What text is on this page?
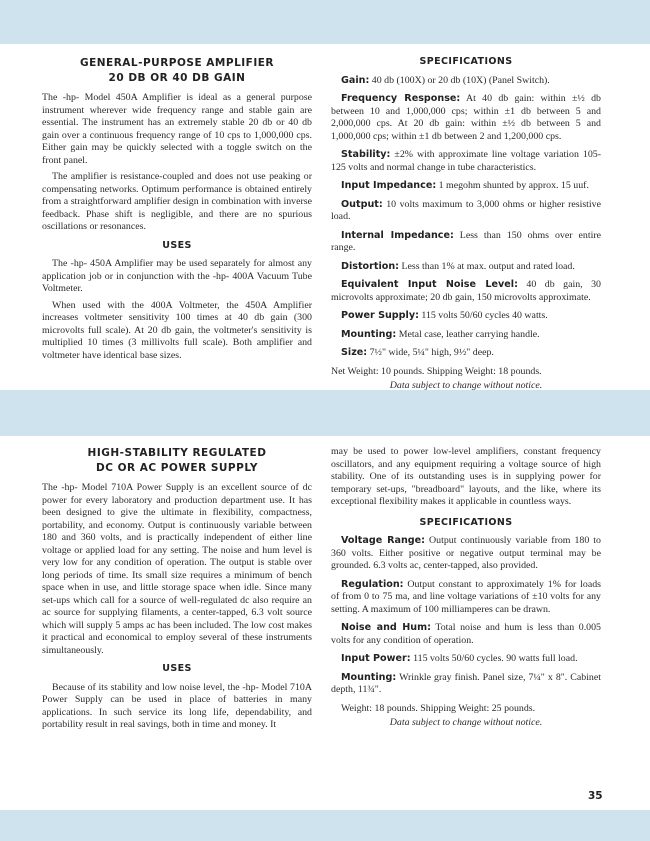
GENERAL-PURPOSE AMPLIFIER
20 DB OR 40 DB GAIN

The -hp- Model 450A Amplifier is ideal as a general purpose instrument wherever wide frequency range and stable gain are essential. The instrument has an extremely stable 20 db or 40 db gain over a continuous frequency range of 10 cps to 1,000,000 cps. Either gain may be quickly selected with a toggle switch on the front panel.

The amplifier is resistance-coupled and does not use peaking or compensating networks. Optimum performance is obtained entirely from a straightforward amplifier design in combination with inverse feedback. Phase shift is negligible, and there are no spurious oscillations or resonances.

USES

The -hp- 450A Amplifier may be used separately for almost any application job or in conjunction with the -hp- 400A Vacuum Tube Voltmeter.

When used with the 400A Voltmeter, the 450A Amplifier increases voltmeter sensitivity 100 times at 40 db gain (300 microvolts full scale). At 20 db gain, the voltmeter's sensitivity is multiplied 10 times (3 millivolts full scale). Both amplifier and voltmeter have identical base sizes.

SPECIFICATIONS
Gain: 40 db (100X) or 20 db (10X) (Panel Switch).
Frequency Response: At 40 db gain: within ±½ db between 10 and 1,000,000 cps; within ±1 db between 5 and 2,000,000 cps. At 20 db gain: within ±½ db between 5 and 1,000,000 cps; within ±1 db between 2 and 1,200,000 cps.
Stability: ±2% with approximate line voltage variation 105-125 volts and normal change in tube characteristics.
Input Impedance: 1 megohm shunted by approx. 15 uuf.
Output: 10 volts maximum to 3,000 ohms or higher resistive load.
Internal Impedance: Less than 150 ohms over entire range.
Distortion: Less than 1% at max. output and rated load.
Equivalent Input Noise Level: 40 db gain, 30 microvolts approximate; 20 db gain, 150 microvolts approximate.
Power Supply: 115 volts 50/60 cycles 40 watts.
Mounting: Metal case, leather carrying handle.
Size: 7½" wide, 5¼" high, 9½" deep.
Net Weight: 10 pounds. Shipping Weight: 18 pounds.
Data subject to change without notice.
HIGH-STABILITY REGULATED
DC OR AC POWER SUPPLY

The -hp- Model 710A Power Supply is an excellent source of dc power for every laboratory and production department use. It has been designed to give the ultimate in flexibility, compactness, portability, and economy. Output is continuously variable between 180 and 360 volts, and is practically independent of either line voltage or applied load for any setting. The noise and hum level is very low for any condition of operation. The output is stable over long periods of time. Its small size requires a minimum of bench space when in use, and little storage space when idle. Since many set-ups which call for a source of well-regulated dc also require an ac source for supplying filaments, a center-tapped, 6.3 volt source which will supply 5 amps ac has been included. The low cost makes it practical and economical to employ several of these instruments simultaneously.

USES

Because of its stability and low noise level, the -hp- Model 710A Power Supply can be used in place of batteries in many applications. In such service its long life, dependability, and portability result in real savings, both in time and money. It

may be used to power low-level amplifiers, constant frequency oscillators, and any equipment requiring a voltage source of high stability. One of its outstanding uses is in supplying power for temporary set-ups, "breadboard" layouts, and the like, where its exceptional flexibility makes it applicable in countless ways.

SPECIFICATIONS
Voltage Range: Output continuously variable from 180 to 360 volts. Either positive or negative output terminal may be grounded. 6.3 volts ac, center-tapped, also provided.
Regulation: Output constant to approximately 1% for loads of from 0 to 75 ma, and line voltage variations of ±10 volts for any setting. A maximum of 100 milliamperes can be drawn.
Noise and Hum: Total noise and hum is less than 0.005 volts for any condition of operation.
Input Power: 115 volts 50/60 cycles. 90 watts full load.
Mounting: Wrinkle gray finish. Panel size, 7¼" x 8". Cabinet depth, 11¾".
Weight: 18 pounds. Shipping Weight: 25 pounds.
Data subject to change without notice.
35
